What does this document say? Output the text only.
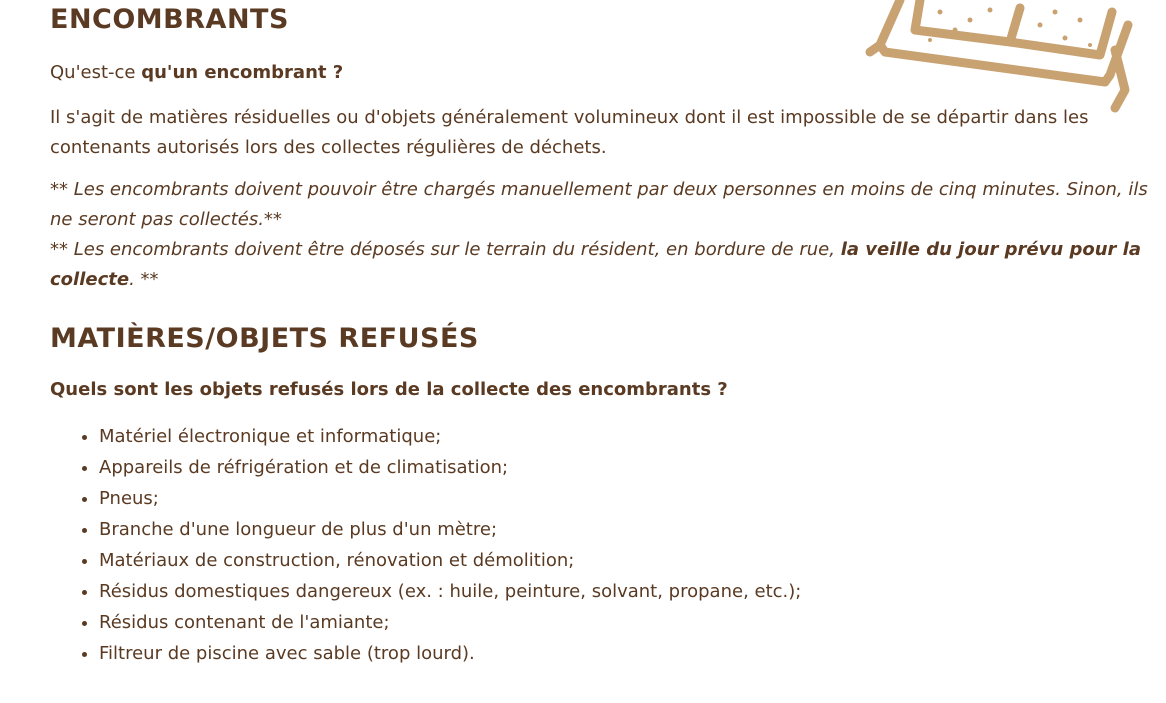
ENCOMBRANTS

Qu'est-ce qu'un encombrant ?

Il s'agit de matières résiduelles ou d'objets généralement volumineux dont il est impossible de se départir dans les contenants autorisés lors des collectes régulières de déchets.

** Les encombrants doivent pouvoir être chargés manuellement par deux personnes en moins de cinq minutes. Sinon, ils ne seront pas collectés.**
** Les encombrants doivent être déposés sur le terrain du résident, en bordure de rue, la veille du jour prévu pour la collecte. **
MATIÈRES/OBJETS REFUSÉS

Quels sont les objets refusés lors de la collecte des encombrants ?

• Matériel électronique et informatique;
• Appareils de réfrigération et de climatisation;
• Pneus;
• Branche d'une longueur de plus d'un mètre;
• Matériaux de construction, rénovation et démolition;
• Résidus domestiques dangereux (ex. : huile, peinture, solvant, propane, etc.);
• Résidus contenant de l'amiante;
• Filtreur de piscine avec sable (trop lourd).
